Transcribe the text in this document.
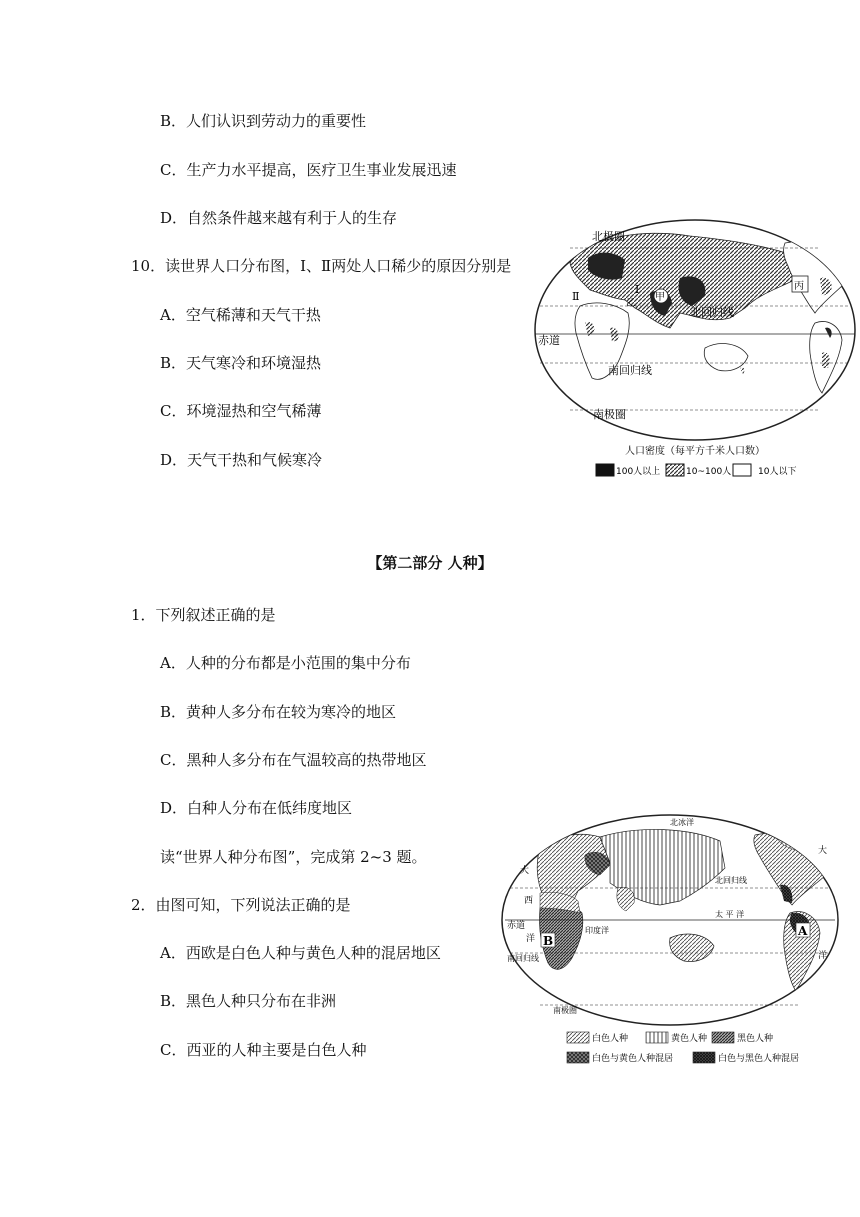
B．人们认识到劳动力的重要性
C．生产力水平提高，医疗卫生事业发展迅速
D．自然条件越来越有利于人的生存
10．读世界人口分布图，Ⅰ、Ⅱ两处人口稀少的原因分别是
A．空气稀薄和天气干热
B．天气寒冷和环境湿热
C．环境湿热和空气稀薄
D．天气干热和气候寒冷
北极圈
赤道
北回归线
南回归线
南极圈
Ⅰ
Ⅱ
乙
甲
丙
人口密度（每平方千米人口数）
100人以上	10~100人	10人以下
【第二部分 人种】
1．下列叙述正确的是
A．人种的分布都是小范围的集中分布
B．黄种人多分布在较为寒冷的地区
C．黑种人多分布在气温较高的热带地区
D．白种人分布在低纬度地区
读“世界人种分布图”，完成第 2~3 题。
2．由图可知，下列说法正确的是
A．西欧是白色人种与黄色人种的混居地区
B．黑色人种只分布在非洲
C．西亚的人种主要是白色人种
北冰洋
北回归线
赤道
太 平 洋
印度洋
南回归线
南极圈
大
西
洋
大
洋
B
A
白色人种	黄色人种	黑色人种
白色与黄色人种混居	白色与黑色人种混居
